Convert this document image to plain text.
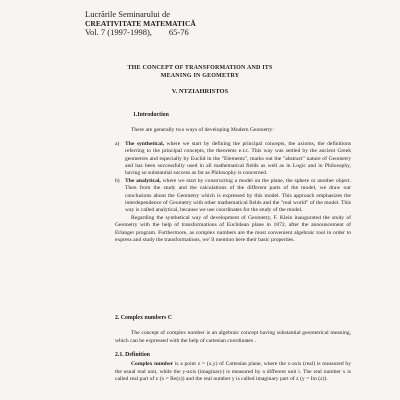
Lucrările Seminarului de
CREATIVITATE MATEMATICĂ
Vol. 7 (1997-1998),        65-76
THE CONCEPT OF TRANSFORMATION AND ITS
MEANING IN GEOMETRY
V. NTZIAHRISTOS
1.Introduction
There are generally two ways of developing Modern Geometry:
a) The synthetical, where we start by defining the principal concepts, the axioms, the definitions referring to the principal concepts, the theorems e.t.c. This way was settled by the ancient Greek geometres and especially by Euclid in the "Elements", marks out the "abstract" nature of Geometry and has been successfully used in all mathematical fields as well as in Logic and in Philosophy, having so substantial success as far as Philosophy is concerned.
b) The analytical, where we start by constructing a model on the plane, the sphere or another object. Then from the study and the calculations of the different parts of the model, we draw our conclusions about the Geometry which is expressed by this model. This approach emphasizes the interdependence of Geometry with other mathematical fields and the "real world" of the model. This way is called analytical, because we use coordinates for the study of the model.
Regarding the synthetical way of development of Geometry, F. Klein inaugurated the study of Geometry with the help of transformations of Euclidean plane in 1872, after the announcement of Erlanger program. Furthermore, as complex numbers are the most convenient algebraic tool in order to express and study the transformations, we' ll mention here their basic properties.
2. Complex numbers C
The concept of complex number is an algebraic concept having substantial geometrical meaning, which can be expressed with the help of cartesian coordinates .
2.1. Definition
Complex number is a point z = (x,y) of Cartesian plane, where the x-axis (real) is measured by the usual real unit, while the y-axis (imaginary) is measured by a different unit i. The real number x is called real part of z (x = Re(z)) and the real number y is called imaginary part of z (y = Im (z)).
